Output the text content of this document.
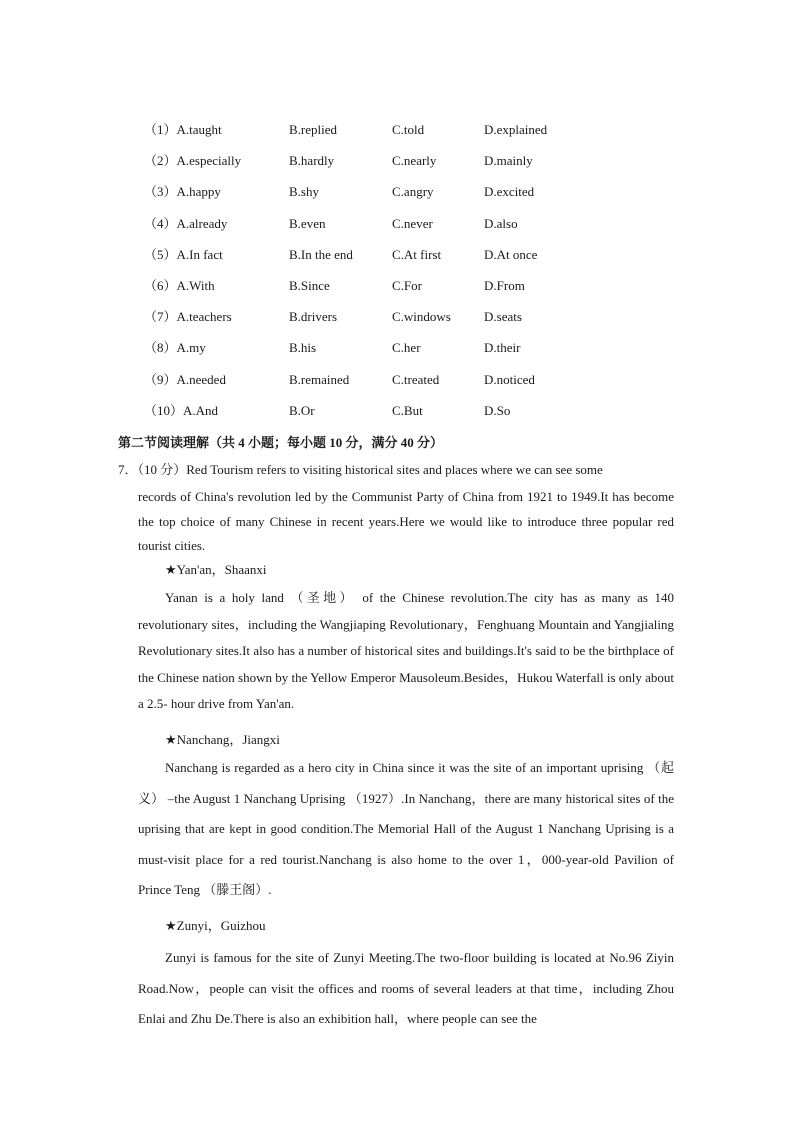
（1）A.taught	B.replied	C.told	D.explained
（2）A.especially	B.hardly	C.nearly	D.mainly
（3）A.happy	B.shy	C.angry	D.excited
（4）A.already	B.even	C.never	D.also
（5）A.In fact	B.In the end	C.At first	D.At once
（6）A.With	B.Since	C.For	D.From
（7）A.teachers	B.drivers	C.windows	D.seats
（8）A.my	B.his	C.her	D.their
（9）A.needed	B.remained	C.treated	D.noticed
（10）A.And	B.Or	C.But	D.So
第二节阅读理解（共 4 小题；每小题 10 分，满分 40 分）
7．（10 分）Red Tourism refers to visiting historical sites and places where we can see some
records of China's revolution led by the Communist Party of China from 1921 to 1949.It has become the top choice of many Chinese in recent years.Here we would like to introduce three popular red tourist cities.
★Yan'an，Shaanxi
Yanan is a holy land （圣地） of the Chinese revolution.The city has as many as 140 revolutionary sites，including the Wangjiaping Revolutionary，Fenghuang Mountain and Yangjialing Revolutionary sites.It also has a number of historical sites and buildings.It's said to be the birthplace of the Chinese nation shown by the Yellow Emperor Mausoleum.Besides，Hukou Waterfall is only about a 2.5- hour drive from Yan'an.
★Nanchang，Jiangxi
Nanchang is regarded as a hero city in China since it was the site of an important uprising （起义） –the August 1 Nanchang Uprising （1927）.In Nanchang，there are many historical sites of the uprising that are kept in good condition.The Memorial Hall of the August 1 Nanchang Uprising is a must-visit place for a red tourist.Nanchang is also home to the over 1，000-year-old Pavilion of Prince Teng （滕王阁）.
★Zunyi，Guizhou
Zunyi is famous for the site of Zunyi Meeting.The two-floor building is located at No.96 Ziyin Road.Now，people can visit the offices and rooms of several leaders at that time，including Zhou Enlai and Zhu De.There is also an exhibition hall，where people can see the
